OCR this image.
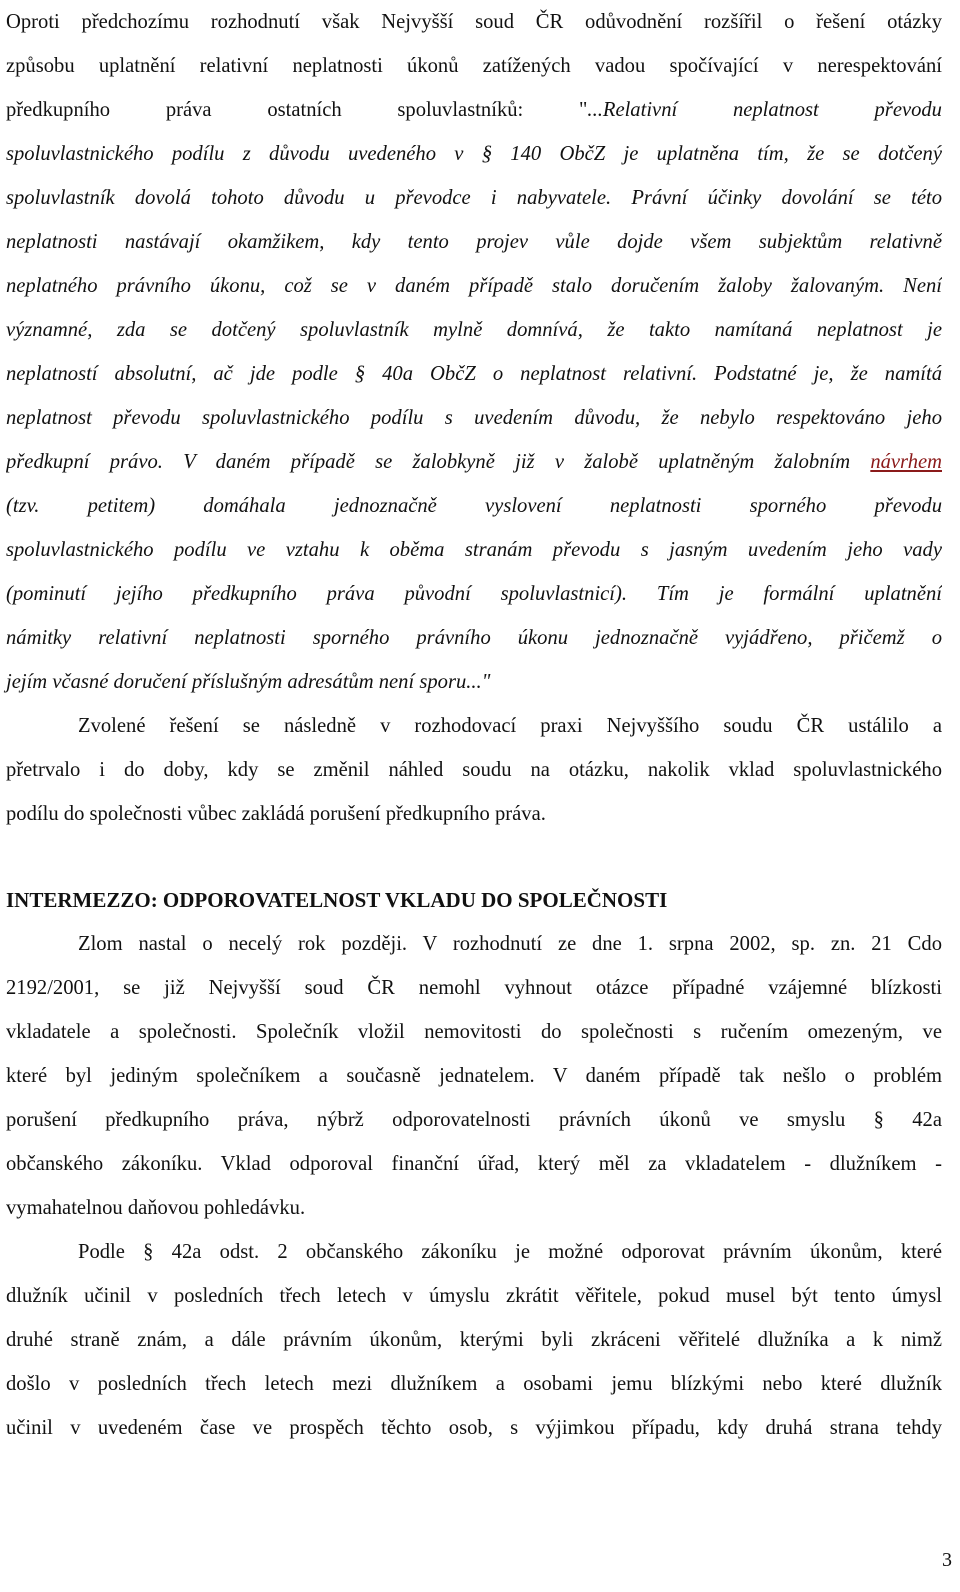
Oproti předchozímu rozhodnutí však Nejvyšší soud ČR odůvodnění rozšířil o řešení otázky
způsobu uplatnění relativní neplatnosti úkonů zatížených vadou spočívající v nerespektování
předkupního práva ostatních spoluvlastníků: "...Relativní neplatnost převodu
spoluvlastnického podílu z důvodu uvedeného v § 140 ObčZ je uplatněna tím, že se dotčený
spoluvlastník dovolá tohoto důvodu u převodce i nabyvatele. Právní účinky dovolání se této
neplatnosti nastávají okamžikem, kdy tento projev vůle dojde všem subjektům relativně
neplatného právního úkonu, což se v daném případě stalo doručením žaloby žalovaným. Není
významné, zda se dotčený spoluvlastník mylně domnívá, že takto namítaná neplatnost je
neplatností absolutní, ač jde podle § 40a ObčZ o neplatnost relativní. Podstatné je, že namítá
neplatnost převodu spoluvlastnického podílu s uvedením důvodu, že nebylo respektováno jeho
předkupní právo. V daném případě se žalobkyně již v žalobě uplatněným žalobním návrhem
(tzv. petitem) domáhala jednoznačně vyslovení neplatnosti sporného převodu
spoluvlastnického podílu ve vztahu k oběma stranám převodu s jasným uvedením jeho vady
(pominutí jejího předkupního práva původní spoluvlastnicí). Tím je formální uplatnění
námitky relativní neplatnosti sporného právního úkonu jednoznačně vyjádřeno, přičemž o
jejím včasné doručení příslušným adresátům není sporu..."
Zvolené řešení se následně v rozhodovací praxi Nejvyššího soudu ČR ustálilo a
přetrvalo i do doby, kdy se změnil náhled soudu na otázku, nakolik vklad spoluvlastnického
podílu do společnosti vůbec zakládá porušení předkupního práva.
INTERMEZZO: ODPOROVATELNOST VKLADU DO SPOLEČNOSTI
Zlom nastal o necelý rok později. V rozhodnutí ze dne 1. srpna 2002, sp. zn. 21 Cdo
2192/2001, se již Nejvyšší soud ČR nemohl vyhnout otázce případné vzájemné blízkosti
vkladatele a společnosti. Společník vložil nemovitosti do společnosti s ručením omezeným, ve
které byl jediným společníkem a současně jednatelem. V daném případě tak nešlo o problém
porušení předkupního práva, nýbrž odporovatelnosti právních úkonů ve smyslu § 42a
občanského zákoníku. Vklad odporoval finanční úřad, který měl za vkladatelem - dlužníkem -
vymahatelnou daňovou pohledávku.
Podle § 42a odst. 2 občanského zákoníku je možné odporovat právním úkonům, které
dlužník učinil v posledních třech letech v úmyslu zkrátit věřitele, pokud musel být tento úmysl
druhé straně znám, a dále právním úkonům, kterými byli zkráceni věřitelé dlužníka a k nimž
došlo v posledních třech letech mezi dlužníkem a osobami jemu blízkými nebo které dlužník
učinil v uvedeném čase ve prospěch těchto osob, s výjimkou případu, kdy druhá strana tehdy
3
